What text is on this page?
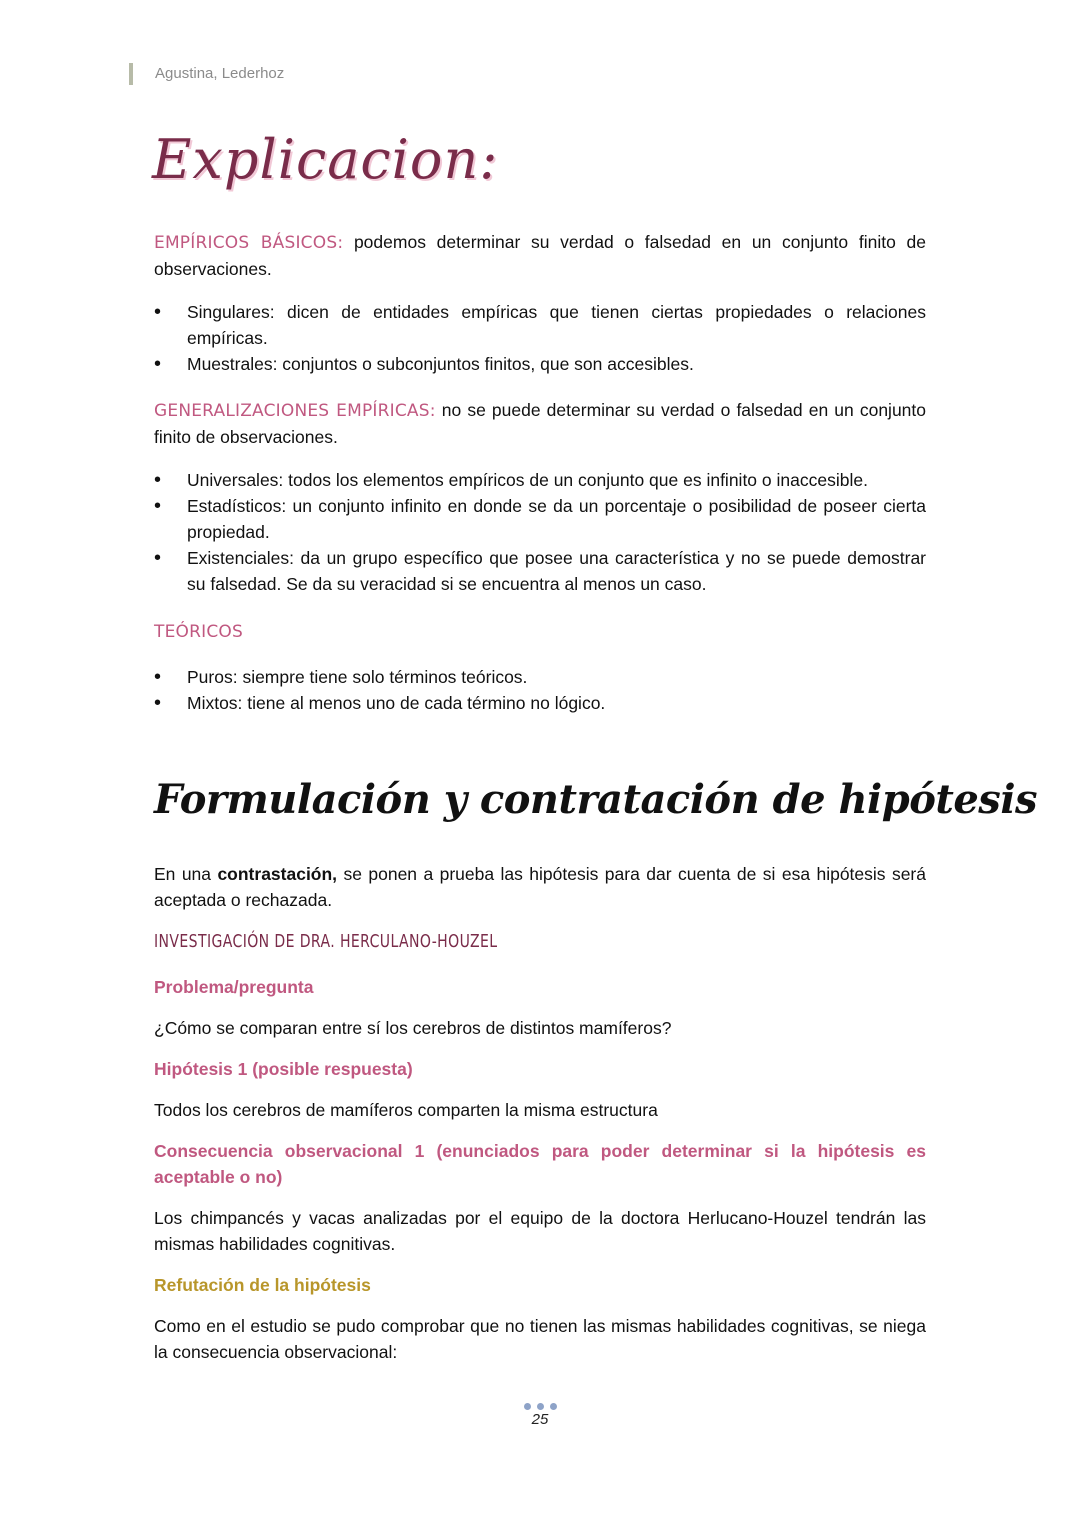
Agustina, Lederhoz
Explicacion:

EMPÍRICOS BÁSICOS: podemos determinar su verdad o falsedad en un conjunto finito de observaciones.

• Singulares: dicen de entidades empíricas que tienen ciertas propiedades o relaciones empíricas.
• Muestrales: conjuntos o subconjuntos finitos, que son accesibles.

GENERALIZACIONES EMPÍRICAS: no se puede determinar su verdad o falsedad en un conjunto finito de observaciones.

• Universales: todos los elementos empíricos de un conjunto que es infinito o inaccesible.
• Estadísticos: un conjunto infinito en donde se da un porcentaje o posibilidad de poseer cierta propiedad.
• Existenciales: da un grupo específico que posee una característica y no se puede demostrar su falsedad. Se da su veracidad si se encuentra al menos un caso.

TEÓRICOS

• Puros: siempre tiene solo términos teóricos.
• Mixtos: tiene al menos uno de cada término no lógico.
Formulación y contratación de hipótesis

En una contrastación, se ponen a prueba las hipótesis para dar cuenta de si esa hipótesis será aceptada o rechazada.

INVESTIGACIÓN DE DRA. HERCULANO-HOUZEL

Problema/pregunta

¿Cómo se comparan entre sí los cerebros de distintos mamíferos?

Hipótesis 1 (posible respuesta)

Todos los cerebros de mamíferos comparten la misma estructura

Consecuencia observacional 1 (enunciados para poder determinar si la hipótesis es aceptable o no)

Los chimpancés y vacas analizadas por el equipo de la doctora Herlucano-Houzel tendrán las mismas habilidades cognitivas.

Refutación de la hipótesis

Como en el estudio se pudo comprobar que no tienen las mismas habilidades cognitivas, se niega la consecuencia observacional:

25
